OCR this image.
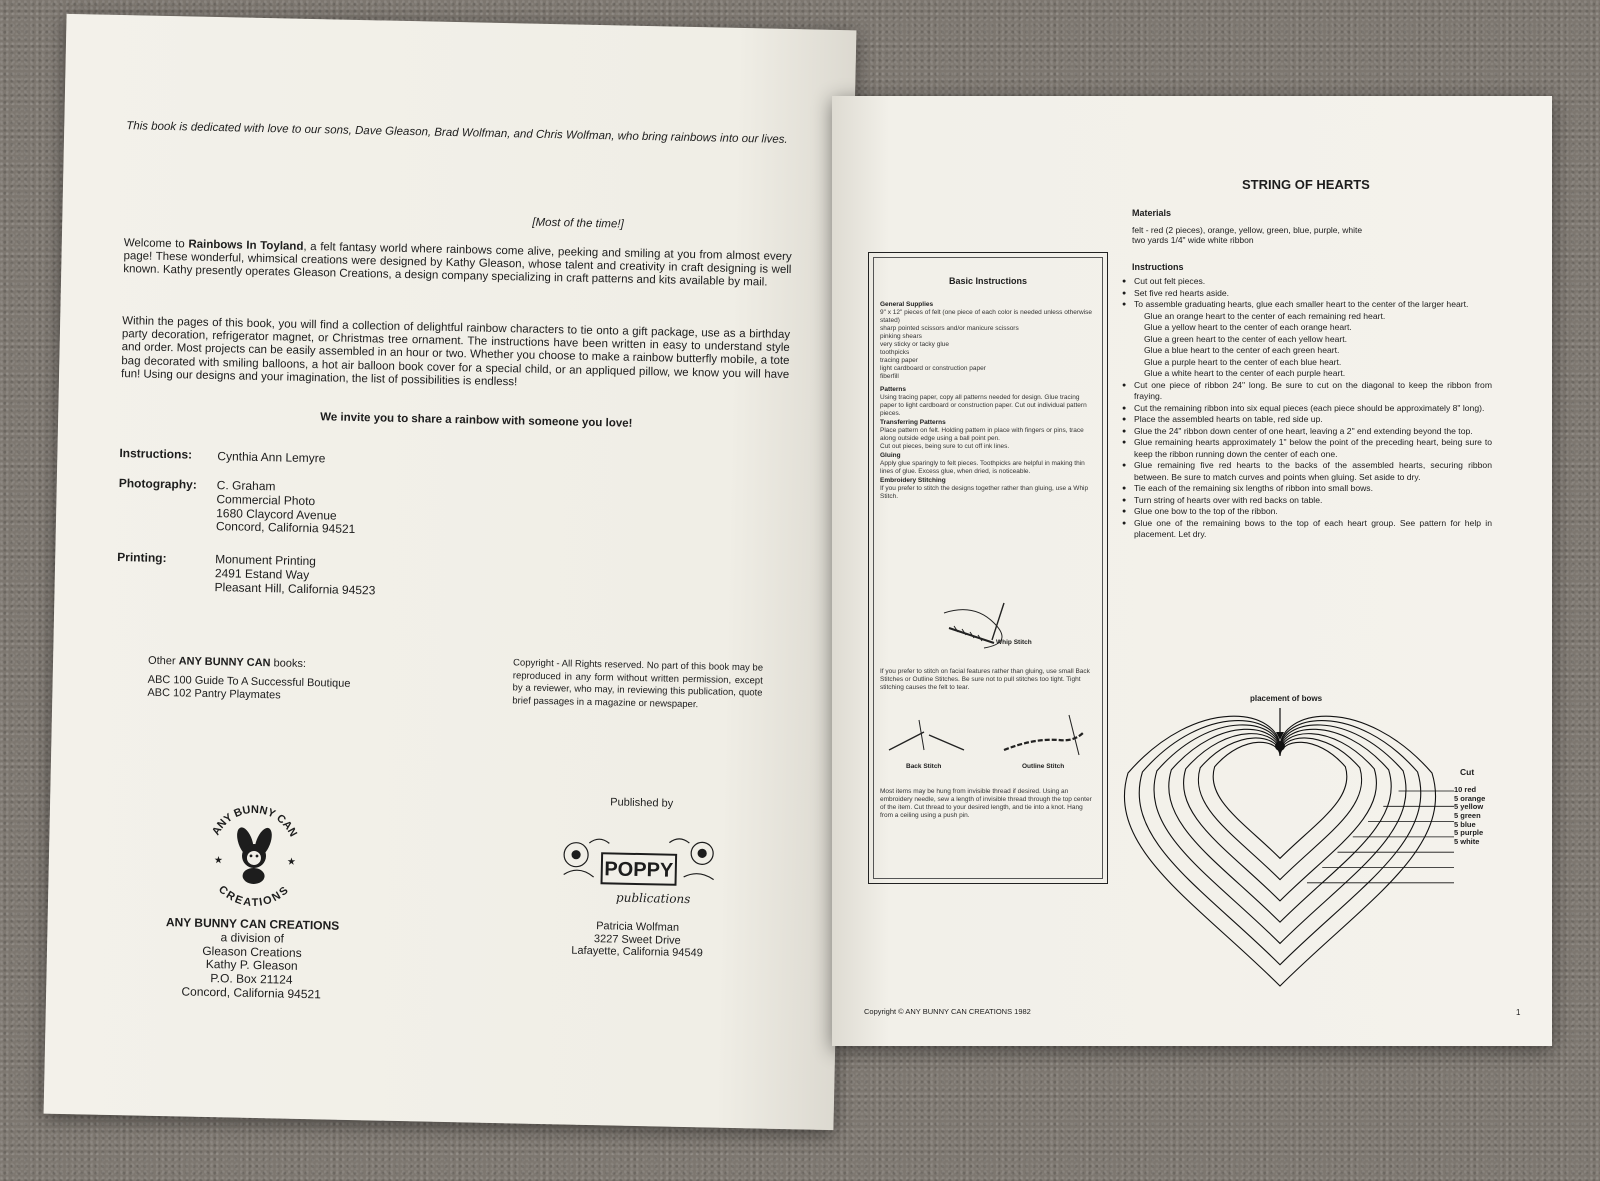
This book is dedicated with love to our sons, Dave Gleason, Brad Wolfman, and Chris Wolfman, who bring rainbows into our lives.

[Most of the time!]

Welcome to Rainbows In Toyland, a felt fantasy world where rainbows come alive, peeking and smiling at you from almost every page! These wonderful, whimsical creations were designed by Kathy Gleason, whose talent and creativity in craft designing is well known. Kathy presently operates Gleason Creations, a design company specializing in craft patterns and kits available by mail.

Within the pages of this book, you will find a collection of delightful rainbow characters to tie onto a gift package, use as a birthday party decoration, refrigerator magnet, or Christmas tree ornament. The instructions have been written in easy to understand style and order. Most projects can be easily assembled in an hour or two. Whether you choose to make a rainbow butterfly mobile, a tote bag decorated with smiling balloons, a hot air balloon book cover for a special child, or an appliqued pillow, we know you will have fun! Using our designs and your imagination, the list of possibilities is endless!

We invite you to share a rainbow with someone you love!

Instructions: Cynthia Ann Lemyre
Photography: C. Graham
Commercial Photo
1680 Claycord Avenue
Concord, California 94521
Printing:	Monument Printing
2491 Estand Way
Pleasant Hill, California 94523
Other ANY BUNNY CAN books:
ABC 100 Guide To A Successful Boutique
ABC 102 Pantry Playmates

Copyright - All Rights reserved. No part of this book may be reproduced in any form without written permission, except by a reviewer, who may, in reviewing this publication, quote brief passages in a magazine or newspaper.

ANY BUNNY CAN
CREATIONS
★	★
ANY BUNNY CAN CREATIONS
a division of
Gleason Creations
Kathy P. Gleason
P.O. Box 21124
Concord, California 94521
Published by
POPPY
publications
Patricia Wolfman
3227 Sweet Drive
Lafayette, California 94549
STRING OF HEARTS
Materials
felt - red (2 pieces), orange, yellow, green, blue, purple, white
two yards 1/4" wide white ribbon
Instructions
● Cut out felt pieces.
● Set five red hearts aside.
● To assemble graduating hearts, glue each smaller heart to the center of the larger heart.
Glue an orange heart to the center of each remaining red heart.
Glue a yellow heart to the center of each orange heart.
Glue a green heart to the center of each yellow heart.
Glue a blue heart to the center of each green heart.
Glue a purple heart to the center of each blue heart.
Glue a white heart to the center of each purple heart.
● Cut one piece of ribbon 24" long. Be sure to cut on the diagonal to keep the ribbon from fraying.
● Cut the remaining ribbon into six equal pieces (each piece should be approximately 8" long).
● Place the assembled hearts on table, red side up.
● Glue the 24" ribbon down center of one heart, leaving a 2" end extending beyond the top.
● Glue remaining hearts approximately 1" below the point of the preceding heart, being sure to keep the ribbon running down the center of each one.
● Glue remaining five red hearts to the backs of the assembled hearts, securing ribbon between. Be sure to match curves and points when gluing. Set aside to dry.
● Tie each of the remaining six lengths of ribbon into small bows.
● Turn string of hearts over with red backs on table.
● Glue one bow to the top of the ribbon.
● Glue one of the remaining bows to the top of each heart group. See pattern for help in placement. Let dry.
Basic Instructions
General Supplies
9" x 12" pieces of felt (one piece of each color is needed unless otherwise stated)
sharp pointed scissors and/or manicure scissors
pinking shears
very sticky or tacky glue
toothpicks
tracing paper
light cardboard or construction paper
fiberfill
Patterns
Using tracing paper, copy all patterns needed for design. Glue tracing paper to light cardboard or construction paper. Cut out individual pattern pieces.
Transferring Patterns
Place pattern on felt. Holding pattern in place with fingers or pins, trace along outside edge using a ball point pen.
Cut out pieces, being sure to cut off ink lines.
Gluing
Apply glue sparingly to felt pieces. Toothpicks are helpful in making thin lines of glue. Excess glue, when dried, is noticeable.
Embroidery Stitching
If you prefer to stitch the designs together rather than gluing, use a Whip Stitch.
Whip Stitch
If you prefer to stitch on facial features rather than gluing, use small Back Stitches or Outline Stitches. Be sure not to pull stitches too tight. Tight stitching causes the felt to tear.
Back Stitch	Outline Stitch
Most items may be hung from invisible thread if desired. Using an embroidery needle, sew a length of invisible thread through the top center of the item. Cut thread to your desired length, and tie into a knot. Hang from a ceiling using a push pin.
placement of bows
Cut
10 red
5 orange
5 yellow
5 green
5 blue
5 purple
5 white
Copyright © ANY BUNNY CAN CREATIONS 1982	1
